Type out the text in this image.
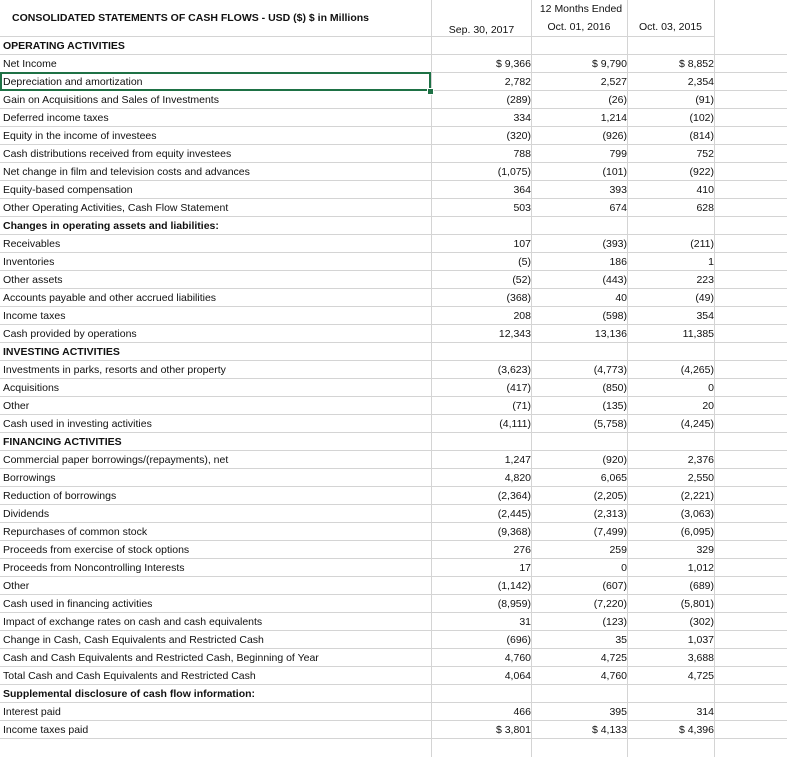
CONSOLIDATED STATEMENTS OF CASH FLOWS - USD ($) $ in Millions
12 Months Ended
Sep. 30, 2017	Oct. 01, 2016	Oct. 03, 2015
OPERATING ACTIVITIES
Net Income	$ 9,366	$ 9,790	$ 8,852
Depreciation and amortization	2,782	2,527	2,354
Gain on Acquisitions and Sales of Investments	(289)	(26)	(91)
Deferred income taxes	334	1,214	(102)
Equity in the income of investees	(320)	(926)	(814)
Cash distributions received from equity investees	788	799	752
Net change in film and television costs and advances	(1,075)	(101)	(922)
Equity-based compensation	364	393	410
Other Operating Activities, Cash Flow Statement	503	674	628
Changes in operating assets and liabilities:
Receivables	107	(393)	(211)
Inventories	(5)	186	1
Other assets	(52)	(443)	223
Accounts payable and other accrued liabilities	(368)	40	(49)
Income taxes	208	(598)	354
Cash provided by operations	12,343	13,136	11,385
INVESTING ACTIVITIES
Investments in parks, resorts and other property	(3,623)	(4,773)	(4,265)
Acquisitions	(417)	(850)	0
Other	(71)	(135)	20
Cash used in investing activities	(4,111)	(5,758)	(4,245)
FINANCING ACTIVITIES
Commercial paper borrowings/(repayments), net	1,247	(920)	2,376
Borrowings	4,820	6,065	2,550
Reduction of borrowings	(2,364)	(2,205)	(2,221)
Dividends	(2,445)	(2,313)	(3,063)
Repurchases of common stock	(9,368)	(7,499)	(6,095)
Proceeds from exercise of stock options	276	259	329
Proceeds from Noncontrolling Interests	17	0	1,012
Other	(1,142)	(607)	(689)
Cash used in financing activities	(8,959)	(7,220)	(5,801)
Impact of exchange rates on cash and cash equivalents	31	(123)	(302)
Change in Cash, Cash Equivalents and Restricted Cash	(696)	35	1,037
Cash and Cash Equivalents and Restricted Cash, Beginning of Year	4,760	4,725	3,688
Total Cash and Cash Equivalents and Restricted Cash	4,064	4,760	4,725
Supplemental disclosure of cash flow information:
Interest paid	466	395	314
Income taxes paid	$ 3,801	$ 4,133	$ 4,396
